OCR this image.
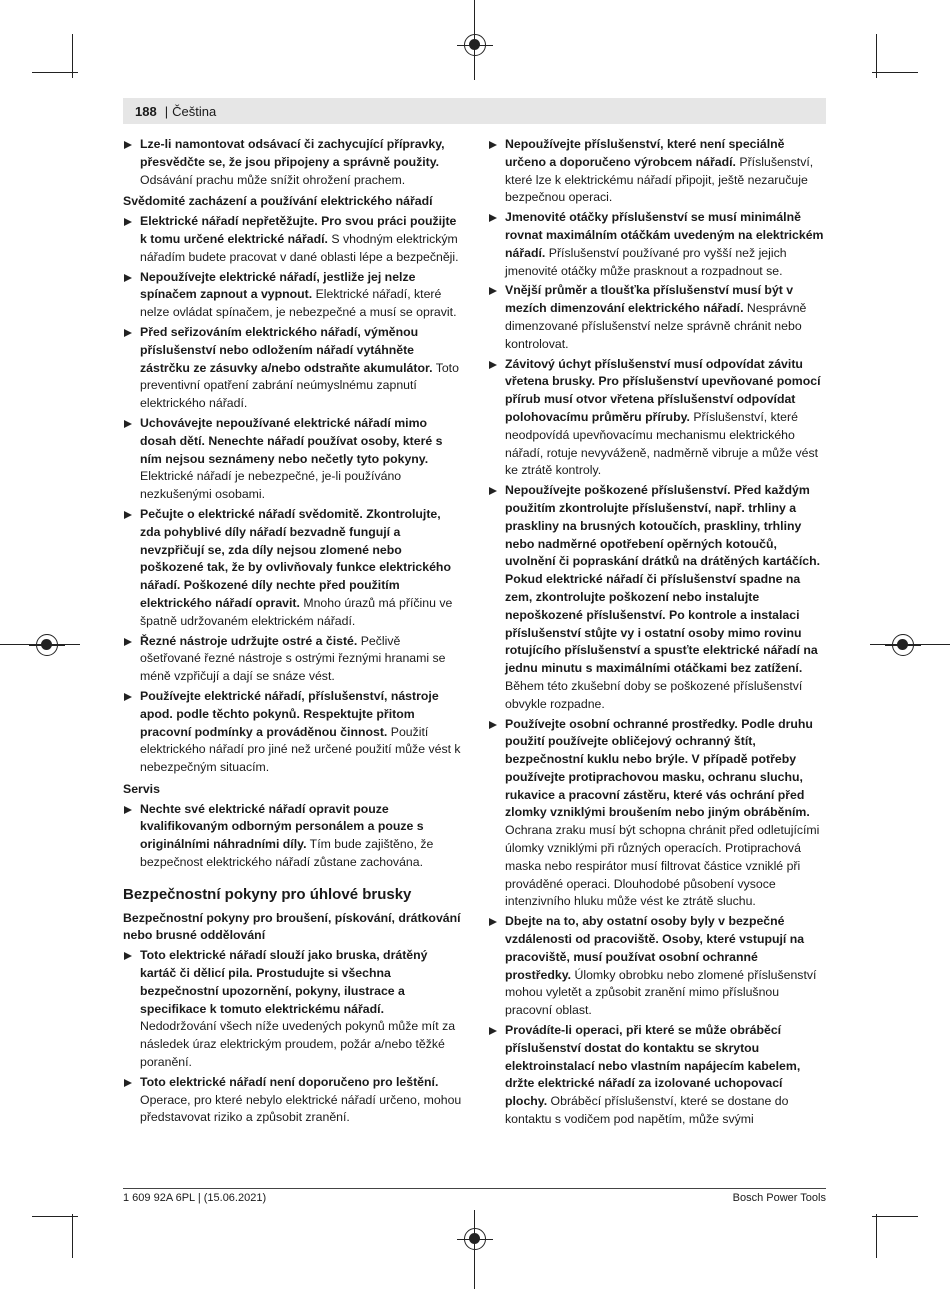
188 | Čeština
Lze-li namontovat odsávací či zachycující přípravky, přesvědčte se, že jsou připojeny a správně použity. Odsávání prachu může snížit ohrožení prachem.
Svědomité zacházení a používání elektrického nářadí
Elektrické nářadí nepřetěžujte. Pro svou práci použijte k tomu určené elektrické nářadí. S vhodným elektrickým nářadím budete pracovat v dané oblasti lépe a bezpečněji.
Nepoužívejte elektrické nářadí, jestliže jej nelze spínačem zapnout a vypnout. Elektrické nářadí, které nelze ovládat spínačem, je nebezpečné a musí se opravit.
Před seřizováním elektrického nářadí, výměnou příslušenství nebo odložením nářadí vytáhněte zástrčku ze zásuvky a/nebo odstraňte akumulátor. Toto preventivní opatření zabrání neúmyslnému zapnutí elektrického nářadí.
Uchovávejte nepoužívané elektrické nářadí mimo dosah dětí. Nenechte nářadí používat osoby, které s ním nejsou seznámeny nebo nečetly tyto pokyny. Elektrické nářadí je nebezpečné, je-li používáno nezkušenými osobami.
Pečujte o elektrické nářadí svědomitě. Zkontrolujte, zda pohyblivé díly nářadí bezvadně fungují a nevzpřičují se, zda díly nejsou zlomené nebo poškozené tak, že by ovlivňovaly funkce elektrického nářadí. Poškozené díly nechte před použitím elektrického nářadí opravit. Mnoho úrazů má příčinu ve špatně udržovaném elektrickém nářadí.
Řezné nástroje udržujte ostré a čisté. Pečlivě ošetřované řezné nástroje s ostrými řeznými hranami se méně vzpřičují a dají se snáze vést.
Používejte elektrické nářadí, příslušenství, nástroje apod. podle těchto pokynů. Respektujte přitom pracovní podmínky a prováděnou činnost. Použití elektrického nářadí pro jiné než určené použití může vést k nebezpečným situacím.
Servis
Nechte své elektrické nářadí opravit pouze kvalifikovaným odborným personálem a pouze s originálními náhradními díly. Tím bude zajištěno, že bezpečnost elektrického nářadí zůstane zachována.
Bezpečnostní pokyny pro úhlové brusky
Bezpečnostní pokyny pro broušení, pískování, drátkování nebo brusné oddělování
Toto elektrické nářadí slouží jako bruska, drátěný kartáč či dělicí pila. Prostudujte si všechna bezpečnostní upozornění, pokyny, ilustrace a specifikace k tomuto elektrickému nářadí. Nedodržování všech níže uvedených pokynů může mít za následek úraz elektrickým proudem, požár a/nebo těžké poranění.
Toto elektrické nářadí není doporučeno pro leštění. Operace, pro které nebylo elektrické nářadí určeno, mohou představovat riziko a způsobit zranění.
Nepoužívejte příslušenství, které není speciálně určeno a doporučeno výrobcem nářadí. Příslušenství, které lze k elektrickému nářadí připojit, ještě nezaručuje bezpečnou operaci.
Jmenovité otáčky příslušenství se musí minimálně rovnat maximálním otáčkám uvedeným na elektrickém nářadí. Příslušenství používané pro vyšší než jejich jmenovité otáčky může prasknout a rozpadnout se.
Vnější průměr a tloušťka příslušenství musí být v mezích dimenzování elektrického nářadí. Nesprávně dimenzované příslušenství nelze správně chránit nebo kontrolovat.
Závitový úchyt příslušenství musí odpovídat závitu vřetena brusky. Pro příslušenství upevňované pomocí přírub musí otvor vřetena příslušenství odpovídat polohovacímu průměru příruby. Příslušenství, které neodpovídá upevňovacímu mechanismu elektrického nářadí, rotuje nevyváženě, nadměrně vibruje a může vést ke ztrátě kontroly.
Nepoužívejte poškozené příslušenství. Před každým použitím zkontrolujte příslušenství, např. trhliny a praskliny na brusných kotoučích, praskliny, trhliny nebo nadměrné opotřebení opěrných kotoučů, uvolnění či popraskání drátků na drátěných kartáčích. Pokud elektrické nářadí či příslušenství spadne na zem, zkontrolujte poškození nebo instalujte nepoškozené příslušenství. Po kontrole a instalaci příslušenství stůjte vy i ostatní osoby mimo rovinu rotujícího příslušenství a spusťte elektrické nářadí na jednu minutu s maximálními otáčkami bez zatížení. Během této zkušební doby se poškozené příslušenství obvykle rozpadne.
Používejte osobní ochranné prostředky. Podle druhu použití používejte obličejový ochranný štít, bezpečnostní kuklu nebo brýle. V případě potřeby používejte protiprachovou masku, ochranu sluchu, rukavice a pracovní zástěru, které vás ochrání před zlomky vzniklými broušením nebo jiným obráběním. Ochrana zraku musí být schopna chránit před odletujícími úlomky vzniklými při různých operacích. Protiprachová maska nebo respirátor musí filtrovat částice vzniklé při prováděné operaci. Dlouhodobé působení vysoce intenzivního hluku může vést ke ztrátě sluchu.
Dbejte na to, aby ostatní osoby byly v bezpečné vzdálenosti od pracoviště. Osoby, které vstupují na pracoviště, musí používat osobní ochranné prostředky. Úlomky obrobku nebo zlomené příslušenství mohou vyletět a způsobit zranění mimo příslušnou pracovní oblast.
Provádíte-li operaci, při které se může obráběcí příslušenství dostat do kontaktu se skrytou elektroinstalací nebo vlastním napájecím kabelem, držte elektrické nářadí za izolované uchopovací plochy. Obráběcí příslušenství, které se dostane do kontaktu s vodičem pod napětím, může svými
1 609 92A 6PL | (15.06.2021)	Bosch Power Tools
